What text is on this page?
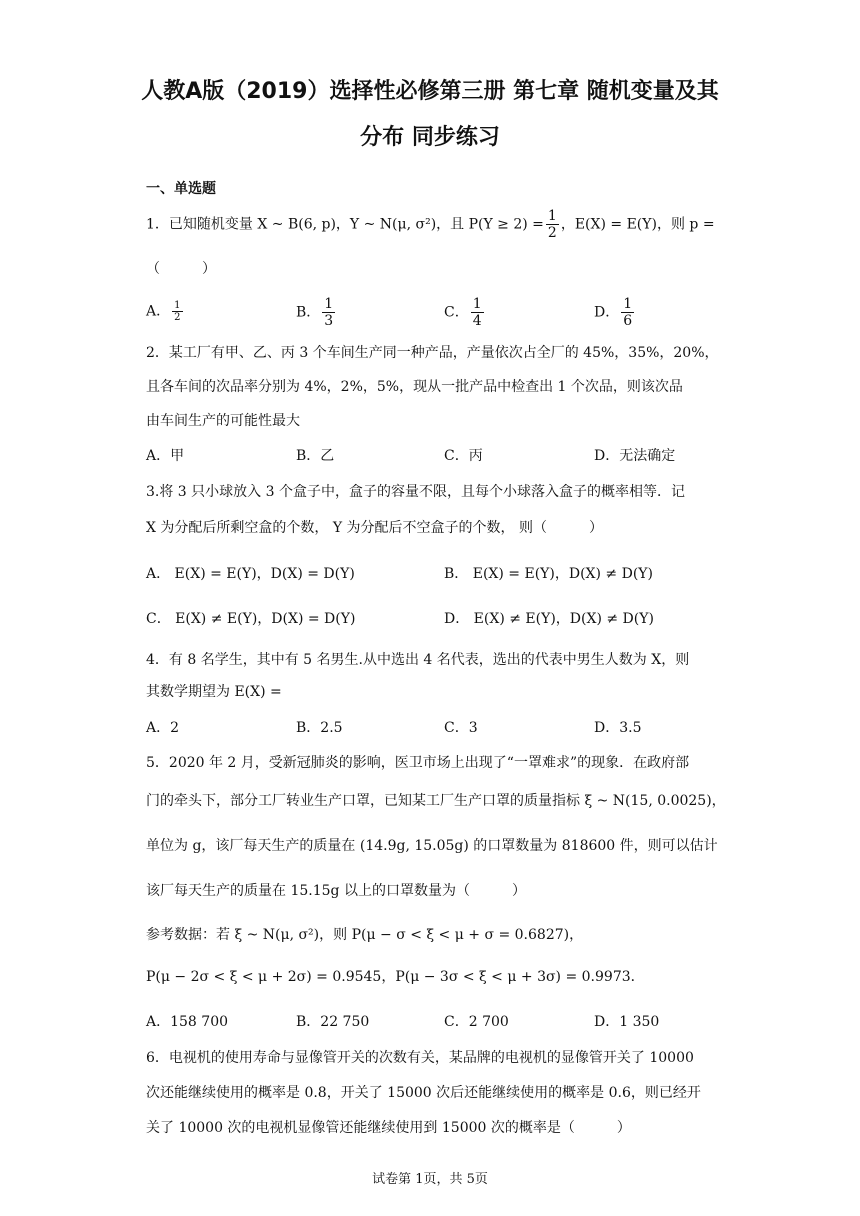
人教A版（2019）选择性必修第三册 第七章 随机变量及其
分布 同步练习
一、单选题
1．已知随机变量 X ~ B(6, p)，Y ~ N(μ, σ²)，且 $P(Y \ge 2) = \frac{1}{2}$ ，E(X) = E(Y)，则 p =
（　　　）
A． $\frac{1}{2}$	B． $\frac{1}{3}$	C． $\frac{1}{4}$	D． $\frac{1}{6}$
2．某工厂有甲、乙、丙 3 个车间生产同一种产品，产量依次占全厂的 45%，35%，20%，
且各车间的次品率分别为 4%，2%，5%，现从一批产品中检查出 1 个次品，则该次品
由车间生产的可能性最大
A．甲	B．乙	C．丙	D．无法确定
3.将 3 只小球放入 3 个盒子中，盒子的容量不限，且每个小球落入盒子的概率相等．记
X 为分配后所剩空盒的个数， Y 为分配后不空盒子的个数， 则（　　　）
A． E(X) = E(Y)，D(X) = D(Y)	B． E(X) = E(Y)，D(X) ≠ D(Y)
C． E(X) ≠ E(Y)，D(X) = D(Y)	D． E(X) ≠ E(Y)，D(X) ≠ D(Y)
4．有 8 名学生，其中有 5 名男生.从中选出 4 名代表，选出的代表中男生人数为 X，则
其数学期望为 E(X) =
A．2	B．2.5	C．3	D．3.5
5．2020 年 2 月，受新冠肺炎的影响，医卫市场上出现了“一罩难求”的现象．在政府部
门的牵头下，部分工厂转业生产口罩，已知某工厂生产口罩的质量指标 ξ ~ N(15, 0.0025)，
单位为 g，该厂每天生产的质量在 (14.9g, 15.05g) 的口罩数量为 818600 件，则可以估计
该厂每天生产的质量在 15.15g 以上的口罩数量为（　　　）
参考数据：若 ξ ~ N(μ, σ²)，则 P(μ − σ < ξ < μ + σ = 0.6827)，
P(μ − 2σ < ξ < μ + 2σ) = 0.9545，P(μ − 3σ < ξ < μ + 3σ) = 0.9973．
A．158 700	B．22 750	C．2 700	D．1 350
6．电视机的使用寿命与显像管开关的次数有关，某品牌的电视机的显像管开关了 10000
次还能继续使用的概率是 0.8，开关了 15000 次后还能继续使用的概率是 0.6，则已经开
关了 10000 次的电视机显像管还能继续使用到 15000 次的概率是（　　　）
试卷第 1页，共 5页
